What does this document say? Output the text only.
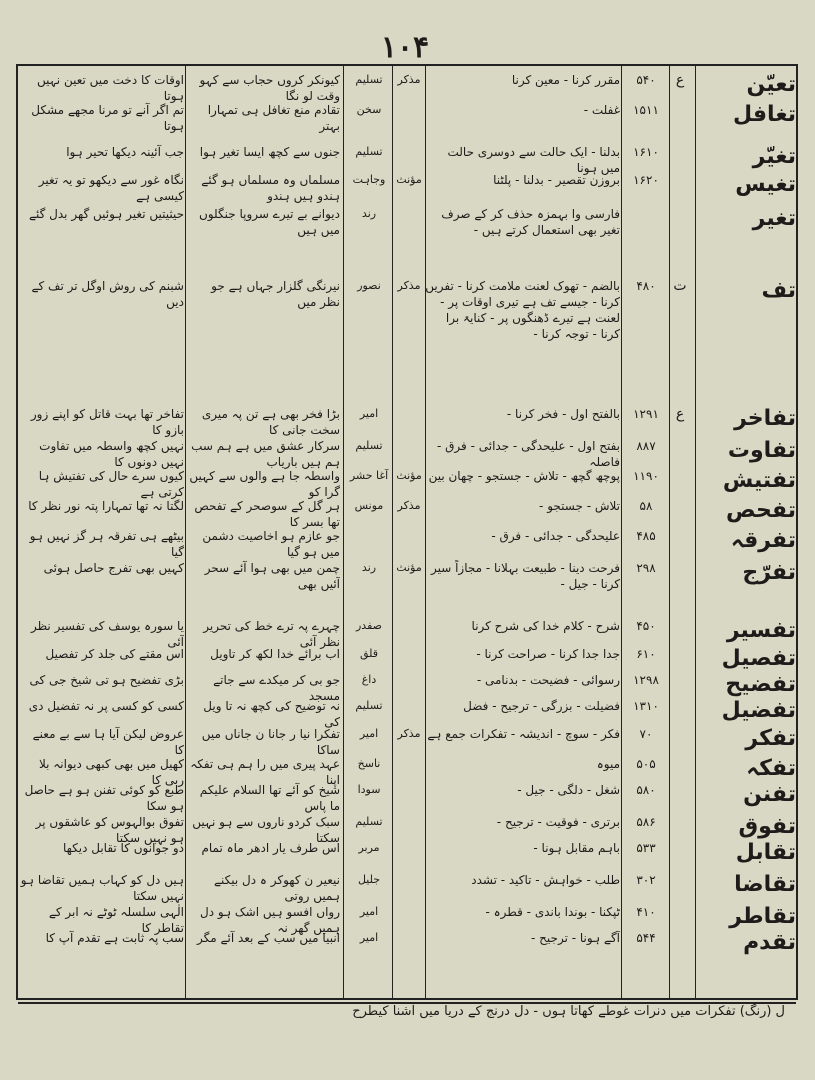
۱۰۴
تعیّن
ع
۵۴۰
مقرر کرنا - معین کرنا
مذکر
تسلیم
کیونکر کروں حجاب سے کہو وقت لو نگا
اوقات کا دخت میں تعین نہیں ہوتا
تغافل
۱۵۱۱
غفلت -
سخن
تقادم منع تغافل ہی تمہارا بہتر
تم اگر آنے تو مرنا مجھے مشکل ہوتا
تغیّر
۱۶۱۰
بدلنا - ایک حالت سے دوسری حالت میں ہونا
تسلیم
جنوں سے کچھ ایسا تغیر ہوا
جب آئینہ دیکھا تحیر ہوا
تغیس
۱۶۲۰
بروزن تقصیر - بدلنا - پلٹنا
مؤنث
وجاہت
مسلماں وہ مسلماں ہو گئے ہندو ہیں ہندو
نگاہ غور سے دیکھو تو یہ تغیر کیسی ہے
تغیر
فارسی وا بہمزہ حذف کر کے صرف تغیر بھی استعمال کرتے ہیں -
رند
دیوانے بے تیرے سروپا جنگلوں میں ہیں
حیثیتیں تغیر ہوئیں گھر بدل گئے
تف
ت
۴۸۰
بالضم - تھوک لعنت ملامت کرنا - تفریں کرنا - جیسے تف ہے تیری اوقات پر - لعنت ہے تیرے ڈھنگوں پر - کنایۃ برا کرنا - توجہ کرنا -
مذکر
نصور
نیرنگی گلزار جہاں ہے جو نظر میں
شبنم کی روش اوگل تر تف کے دیں
تفاخر
ع
۱۲۹۱
بالفتح اول - فخر کرنا -
امیر
بڑا فخر بھی ہے تن پہ میری سخت جانی کا
تفاخر تھا بہت قاتل کو اپنے زور بازو کا
تفاوت
۸۸۷
بفتح اول - علیحدگی - جدائی - فرق - فاصلہ
تسلیم
سرکار عشق میں ہے ہم سب ہم ہیں باریاب
نہیں کچھ واسطہ میں تفاوت نہیں دونوں کا
تفتیش
۱۱۹۰
پوچھ گچھ - تلاش - جستجو - چھان بین
مؤنث
آغا حشر
واسطہ جا ہے والوں سے کہیں گرا کو
کیوں سرے حال کی تفتیش ہا کرتی ہے
تفحص
۵۸
تلاش - جستجو -
مذکر
مونس
ہر گل کے سوصحر کے تفحص تھا بسر کا
لگتا نہ تھا تمہارا پتہ نور نظر کا
تفرقہ
۴۸۵
علیحدگی - جدائی - فرق -
جو عازم ہو اخاصیت دشمن میں ہو گیا
بیٹھے ہی تفرقہ ہر گز نہیں ہو گیا
تفرّج
۲۹۸
فرحت دینا - طبیعت بہلانا - مجازاً سیر کرنا - جیل -
مؤنث
رند
چمن میں بھی ہوا آئے سحر آئیں بھی
کہیں بھی تفرج حاصل ہوئی
تفسیر
۴۵۰
شرح - کلام خدا کی شرح کرنا
صفدر
چہرے پہ ترے خط کی تحریر نظر آئی
یا سورہ یوسف کی تفسیر نظر آئی
تفصیل
۶۱۰
جدا جدا کرنا - صراحت کرنا -
قلق
اب برائے خدا لکھ کر تاویل
اس مقتے کی جلد کر تفصیل
تفضیح
۱۲۹۸
رسوائی - فضیحت - بدنامی -
داغ
جو بی کر میکدے سے جاتے مسجد
بڑی تفضیح ہو تی شیخ جی کی
تفضیل
۱۳۱۰
فضیلت - بزرگی - ترجیح - فضل
تسلیم
نہ توضیح کی کچھ نہ تا ویل کی
کسی کو کسی پر نہ تفضیل دی
تفکر
۷۰
فکر - سوچ - اندیشہ - تفکرات جمع ہے
مذکر
امیر
تفکرا نیا ر جانا ن جاناں میں ساکا
عروض لیکن آیا ہا سے بے معنے کا
تفکہ
۵۰۵
میوہ
ناسخ
عہد پیری میں را ہم ہی تفکہ اپنا
کھیل میں بھی کبھی دیوانہ بلا ربی کا
تفنن
۵۸۰
شغل - دلگی - جیل -
سودا
شیخ کو آئے تھا السلام علیکم ما پاس
طبع کو کوئی تفنن ہو ہے حاصل ہو سکا
تفوق
۵۸۶
برتری - فوقیت - ترجیح -
تسلیم
سبک کردو ناروں سے ہو نہیں سکتا
تفوق بوالہوس کو عاشقوں پر ہو نہیں سکتا
تقابل
۵۳۳
باہم مقابل ہونا -
مربر
اس طرف یار ادھر ماہ تمام
دو جوانوں کا تقابل دیکھا
تقاضا
۳۰۲
طلب - خواہش - تاکید - تشدد
جلیل
نیعیر ن کھوکر ہ دل بیکنے ہمیں روتی
ہیں دل کو کہاب ہمیں تقاضا ہو نہیں سکتا
تقاطر
۴۱۰
ٹپکنا - بوندا باندی - قطرہ -
امیر
رواں افسو ہیں اشک ہو دل ہمیں گھر نہ
الٰہی سلسلہ ٹوٹے نہ ابر کے تقاطر کا
تقدم
۵۴۴
آگے ہونا - ترجیح -
امیر
انبیا میں سب کے بعد آئے مگر
سب پہ ثابت ہے تقدم آپ کا
ل (رنگ) تفکرات میں دنرات غوطے کھاتا ہوں - دل درنج کے دریا میں آشنا کیطرح
